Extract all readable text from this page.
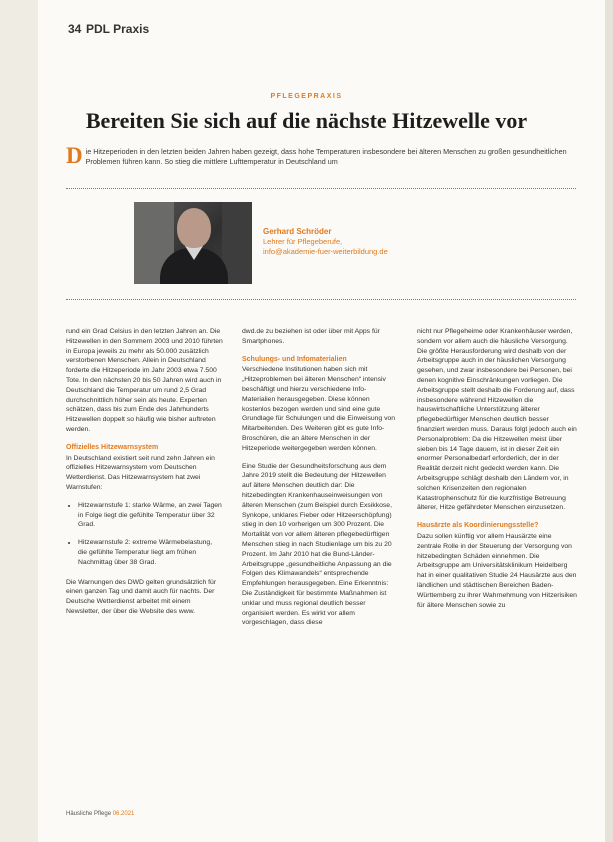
34 PDL Praxis
PFLEGEPRAXIS
Bereiten Sie sich auf die nächste Hitzewelle vor
Die Hitzeperioden in den letzten beiden Jahren haben gezeigt, dass hohe Temperaturen insbesondere bei älteren Menschen zu großen gesundheitlichen Problemen führen kann. So stieg die mittlere Lufttemperatur in Deutschland um
Gerhard Schröder
Lehrer für Pflegeberufe,
info@akademie-fuer-weiterbildung.de

rund ein Grad Celsius in den letzten Jahren an. Die Hitzewellen in den Sommern 2003 und 2010 führten in Europa jeweils zu mehr als 50.000 zusätzlich verstorbenen Menschen. Allein in Deutschland forderte die Hitzeperiode im Jahr 2003 etwa 7.500 Tote. In den nächsten 20 bis 50 Jahren wird auch in Deutschland die Temperatur um rund 2,5 Grad durchschnittlich höher sein als heute. Experten schätzen, dass bis zum Ende des Jahrhunderts Hitzewellen doppelt so häufig wie bisher auftreten werden.

Offizielles Hitzewarnsystem

In Deutschland existiert seit rund zehn Jahren ein offizielles Hitzewarnsystem vom Deutschen Wetterdienst. Das Hitzewarnsystem hat zwei Warnstufen:

• Hitzewarnstufe 1: starke Wärme, an zwei Tagen in Folge liegt die gefühlte Temperatur über 32 Grad.
• Hitzewarnstufe 2: extreme Wärmebelastung, die gefühlte Temperatur liegt am frühen Nachmittag über 38 Grad.

Die Warnungen des DWD gelten grundsätzlich für einen ganzen Tag und damit auch für nachts. Der Deutsche Wetterdienst arbeitet mit einem Newsletter, der über die Website des www.

dwd.de zu beziehen ist oder über mit Apps für Smartphones.

Schulungs- und Infomaterialien

Verschiedene Institutionen haben sich mit „Hitzeproblemen bei älteren Menschen“ intensiv beschäftigt und hierzu verschiedene Info-Materialien herausgegeben. Diese können kostenlos bezogen werden und sind eine gute Grundlage für Schulungen und die Einweisung von Mitarbeitenden. Des Weiteren gibt es gute Info-Broschüren, die an ältere Menschen in der Hitzeperiode weitergegeben werden können.

Eine Studie der Gesundheitsforschung aus dem Jahre 2019 stellt die Bedeutung der Hitzewellen auf ältere Menschen deutlich dar: Die hitzebedingten Krankenhauseinweisungen von älteren Menschen (zum Beispiel durch Exsikkose, Synkope, unklares Fieber oder Hitzeerschöpfung) stieg in den 10 vorherigen um 300 Prozent. Die Mortalität von vor allem älteren pflegebedürftigen Menschen stieg in nach Studienlage um bis zu 20 Prozent. Im Jahr 2010 hat die Bund-Länder-Arbeitsgruppe „gesundheitliche Anpassung an die Folgen des Klimawandels“ entsprechende Empfehlungen herausgegeben. Eine Erkenntnis: Die Zuständigkeit für bestimmte Maßnahmen ist unklar und muss regional deutlich besser organisiert werden. Es wirkt vor allem vorgeschlagen, dass diese

nicht nur Pflegeheime oder Krankenhäuser werden, sondern vor allem auch die häusliche Versorgung. Die größte Herausforderung wird deshalb von der Arbeitsgruppe auch in der häuslichen Versorgung gesehen, und zwar insbesondere bei Personen, bei denen kognitive Einschränkungen vorliegen. Die Arbeitsgruppe stellt deshalb die Forderung auf, dass insbesondere während Hitzewellen die hauswirtschaftliche Unterstützung älterer pflegebedürftiger Menschen deutlich besser finanziert werden muss. Daraus folgt jedoch auch ein Personalproblem: Da die Hitzewellen meist über sieben bis 14 Tage dauern, ist in dieser Zeit ein enormer Personalbedarf erforderlich, der in der Realität derzeit nicht gedeckt werden kann. Die Arbeitsgruppe schlägt deshalb den Ländern vor, in solchen Krisenzeiten den regionalen Katastrophenschutz für die kurzfristige Betreuung älterer, Hitze gefährdeter Menschen einzusetzen.

Hausärzte als Koordinierungsstelle?

Dazu sollen künftig vor allem Hausärzte eine zentrale Rolle in der Steuerung der Versorgung von hitzebedingten Schäden einnehmen. Die Arbeitsgruppe am Universitätsklinikum Heidelberg hat in einer qualitativen Studie 24 Hausärzte aus den ländlichen und städtischen Bereichen Baden-Württemberg zu ihrer Wahrnehmung von Hitzerisiken für ältere Menschen sowie zu

Häusliche Pflege 06.2021
